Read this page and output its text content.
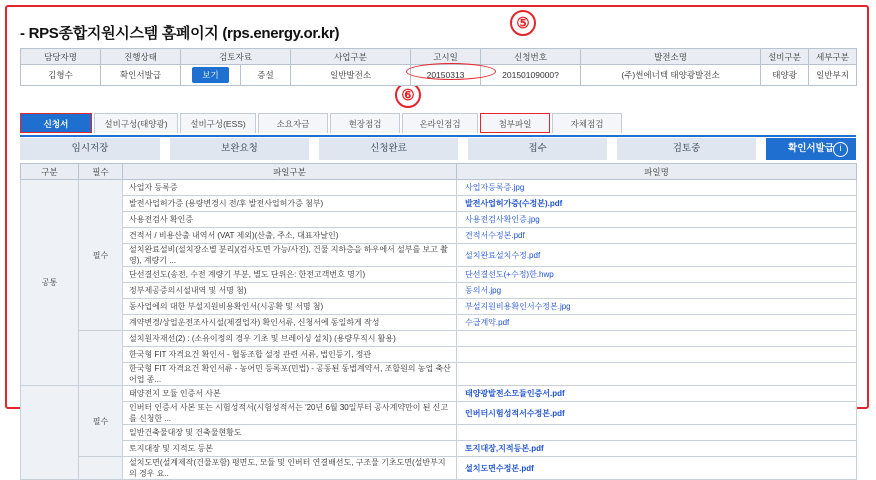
- RPS종합지원시스템 홈페이지 (rps.energy.or.kr)
⑤
⑥
담당자명	진행상태	검토자료		사업구분	고시일	신청번호	발전소명	설비구분	세부구분
김형수	확인서발급	보기	증설	일반발전소	20150313	20150109000?	(주)썬에너텍 태양광발전소	태양광	일반부지
신청서	설비구성(태양광)	설비구성(ESS)	소요자금	현장점검	온라인점검	첨부파일	자체점검
임시저장	보완요청	신청완료	접수	검토중	확인서발급 i
구분	필수	파일구분	파일명
공통	필수	사업자 등록증	사업자등록증.jpg
		발전사업허가증 (용량변경시 전/후 발전사업허가증 첨부)	발전사업허가증(수정본).pdf
		사용전검사 확인증	사용전검사확인증.jpg
		견적서 / 비용산출 내역서 (VAT 제외)(산출, 주소, 대표자날인)	견적서수정본.pdf
		설치완료설비(설치장소별 분리)(검사도면 가능/사진), 건물 지하층을 하우에서 설부를 보고 촬영), 계량기 ...	설치완료설치수정.pdf
		단선결선도(송전, 수전 계량기 부분, 별도 단위은: 한전고객번호 명기)	단선결선도(+수정)한.hwp
		정부제공증의시설내역 및 서명 첨)	동의서.jpg
		동사업에의 대한 부설지원비용확인서(시공확 및 서명 첨)	부설지원비용확인서수정본.jpg
		계약변경/상업운전조사시설(제결업자) 확인서류, 신청서에 동일하게 작성	수급계약.pdf
		설치원자재선(2) : (소유이정의 경우 기초 및 브레이싱 설치) (용량무직시 활용)	
		한국형 FIT 자격요건 확인서 - 협동조합 설정 관련 서류, 법인등기, 정관	
		한국형 FIT 자격요건 확인서류 - 농어민 등록포(민법) - 공동된 동법계약서, 조합원의 농업 축산 어업 종...	
	필수	태양전지 모듈 인증서 사본	태양광발전소모듈인증서.pdf
		인버터 인증서 사본 또는 시험성적서(시험성적서는 '20년 6월 30일부터 공사계약만이 된 신고를 신청한 ...	인버터시험성적서수정본.pdf
		일반건축물대장 및 건축물현황도	
		토지대장 및 지적도 등본	토지대장,지적등본.pdf
		설치도면(설계제작(건물포함) 평면도, 모듈 및 인버터 연결배선도, 구조물 기초도면(설반부지의 경우 요..	설치도면수정본.pdf
